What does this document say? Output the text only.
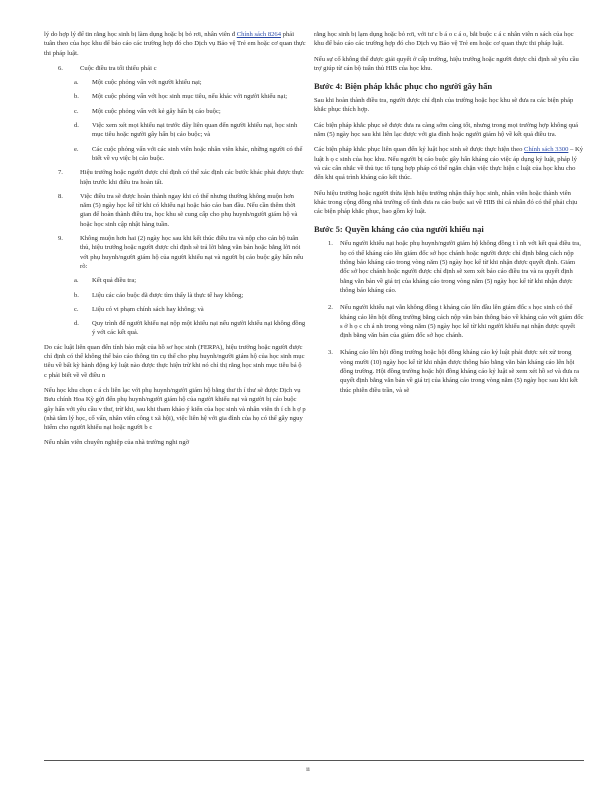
lý do hợp lý để tin rằng học sinh bị làm dụng hoặc bị bỏ rơi, nhân viên đ Chính sách 8264 phải tuân theo của học khu để báo cáo các trường hợp đó cho Dịch vụ Bảo vệ Trẻ em hoặc cơ quan thực thi pháp luật.

6.	Cuộc điều tra tối thiểu phải c
a. Một cuộc phỏng vấn với người khiếu nại;
b. Một cuộc phỏng vấn với học sinh mục tiêu, nếu khác với người khiếu nại;
c. Một cuộc phỏng vấn với kẻ gây hấn bị cáo buộc;
d. Việc xem xét mọi khiếu nại trước đây liên quan đến người khiếu nại, học sinh mục tiêu hoặc người gây hấn bị cáo buộc; và
e. Các cuộc phỏng vấn với các sinh viên hoặc nhân viên khác, những người có thể biết về vụ việc bị cáo buộc.
7.	Hiệu trưởng hoặc người được chỉ định có thể xác định các bước khác phải được thực hiện trước khi điều tra hoàn tất.
8.	Việc điều tra sẽ được hoàn thành ngay khi có thể nhưng thường không muộn hơn năm (5) ngày học kể từ khi có khiếu nại hoặc báo cáo ban đầu. Nếu cần thêm thời gian để hoàn thành điều tra, học khu sẽ cung cấp cho phụ huynh/người giám hộ và hoặc học sinh cập nhật hàng tuần.
9.	Không muộn hơn hai (2) ngày học sau khi kết thúc điều tra và nộp cho cán bộ tuân thủ, hiệu trưởng hoặc người được chỉ định sẽ trả lời bằng văn bản hoặc bằng lời nói với phụ huynh/người giám hộ của người khiếu nại và người bị cáo buộc gây hấn nếu rõ:
a. Kết quả điều tra;
b. Liệu các cáo buộc đã được tìm thấy là thực tế hay không;
c. Liệu có vi phạm chính sách hay không; và
d. Quy trình để người khiếu nại nộp một khiếu nại nếu người khiếu nại không đồng ý với các kết quả.

Do các luật liên quan đến tính bảo mật của hồ sơ học sinh (FERPA), hiệu trưởng hoặc người được chỉ định có thể không thể báo cáo thông tin cụ thể cho phụ huynh/người giám hộ của học sinh mục tiêu về bất kỳ hành động kỷ luật nào được thực hiện trừ khi nó chỉ thị rằng học sinh mục tiêu bá ộ c phải biết về về điều n

Nếu học khu chọn c á ch liên lạc với phụ huynh/người giám hộ bằng thư th í thư sẽ được Dịch vụ Bưu chính Hoa Kỳ gửi đến phụ huynh/người giám hộ của người khiếu nại và người bị cáo buộc gây hấn với yêu cầu v thư, trừ khi, sau khi tham khảo ý kiến của học sinh và nhân viên th í ch h ợ p (nhà tâm lý học, cố vấn, nhân viên công t xã hội), việc liên hệ với gia đình của họ có thể gây nguy hiểm cho người khiếu nại hoặc người b c

Nếu nhân viên chuyên nghiệp của nhà trường nghi ngờ

rằng học sinh bị lạm dụng hoặc bỏ rơi, với tư c b á o c á o, bắt buộc c á c nhân viên n sách của học khu để báo cáo các trường hợp đó cho Dịch vụ Bảo vệ Trẻ em hoặc cơ quan thực thi pháp luật.

Nếu sự cố không thể được giải quyết ở cấp trường, hiệu trưởng hoặc người được chỉ định sẽ yêu cầu trợ giúp từ cán bộ tuân thủ HIB của học khu.

Bước 4: Biện pháp khắc phục cho người gây hấn

Sau khi hoàn thành điều tra, người được chỉ định của trường hoặc học khu sẽ đưa ra các biện pháp khắc phục thích hợp.

Các biện pháp khắc phục sẽ được đưa ra càng sớm càng tốt, nhưng trong mọi trường hợp không quá năm (5) ngày học sau khi liên lạc được với gia đình hoặc người giám hộ về kết quả điều tra.

Các biện pháp khắc phục liên quan đến kỷ luật học sinh sẽ được thực hiện theo Chính sách 3300 – Kỷ luật h ọ c sinh của học khu. Nếu người bị cáo buộc gây hấn kháng cáo việc áp dụng kỷ luật, pháp lý và các cân nhắc về thủ tục tố tụng hợp pháp có thể ngăn chặn việc thực hiện c luật của học khu cho đến khi quá trình kháng cáo kết thúc.

Nếu hiệu trưởng hoặc người thừa lệnh hiệu trưởng nhận thấy học sinh, nhân viên hoặc thành viên khác trong cộng đồng nhà trường cố tình đưa ra cáo buộc sai về HIB thì cá nhân đó có thể phải chịu các biện pháp khắc phục, bao gồm kỷ luật.

Bước 5: Quyền kháng cáo của người khiếu nại
1. Nếu người khiếu nại hoặc phụ huynh/người giám hộ không đồng t ì nh với kết quả điều tra, họ có thể kháng cáo lên giám đốc sở học chánh hoặc người được chỉ định bằng cách nộp thông báo kháng cáo trong vòng năm (5) ngày học kể từ khi nhận được quyết định. Giám đốc sở học chánh hoặc người được chỉ định sẽ xem xét báo cáo điều tra và ra quyết định bằng văn bản về giá trị của kháng cáo trong vòng năm (5) ngày học kể từ khi nhận được thông báo kháng cáo.
2. Nếu người khiếu nại vẫn không đồng t kháng cáo lên đầu lên giám đốc s học sinh có thể kháng cáo lên hội đồng trường bằng cách nộp văn bản thông báo về kháng cáo với giám đốc s ở h ọ c ch á nh trong vòng năm (5) ngày học kể từ khi người khiếu nại nhận được quyết định bằng văn bản của giám đốc sở học chánh.
3. Kháng cáo lên hội đồng trường hoặc hội đồng kháng cáo kỷ luật phải được xét xử trong vòng mười (10) ngày học kể từ khi nhận được thông báo bằng văn bản kháng cáo lên hội đồng trường. Hội đồng trường hoặc hội đồng kháng cáo kỷ luật sẽ xem xét hồ sơ và đưa ra quyết định bằng văn bản về giá trị của kháng cáo trong vòng năm (5) ngày học sau khi kết thúc phiên điều trần, và sẽ
ii
